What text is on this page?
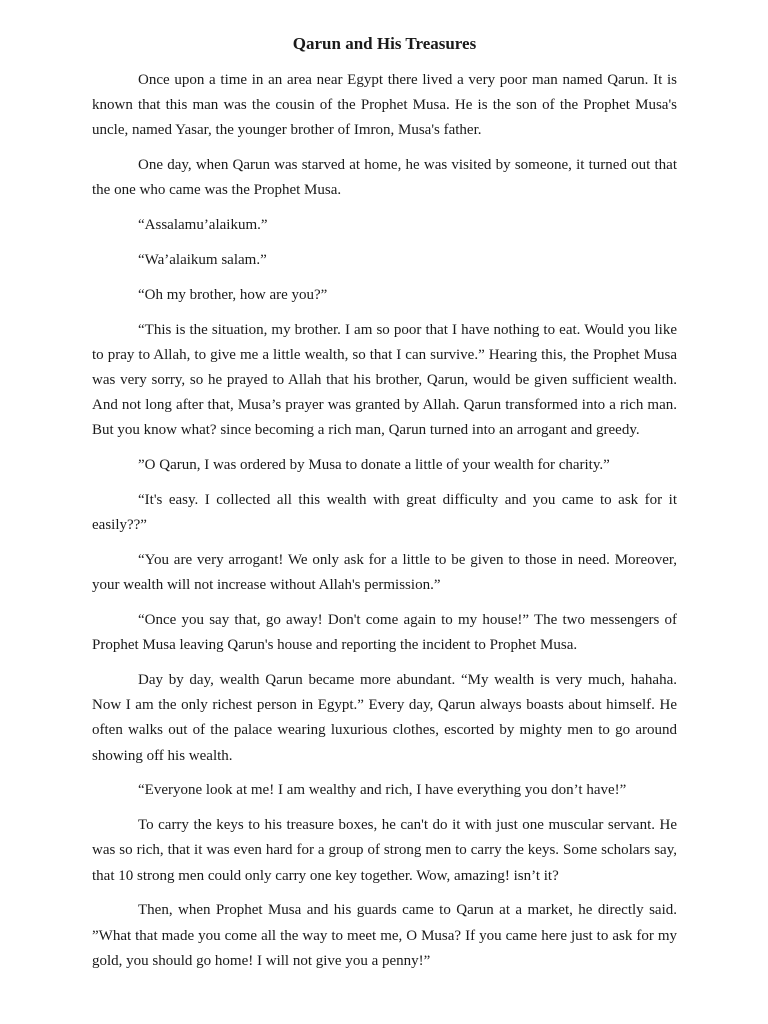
Qarun and His Treasures

Once upon a time in an area near Egypt there lived a very poor man named Qarun. It is known that this man was the cousin of the Prophet Musa. He is the son of the Prophet Musa's uncle, named Yasar, the younger brother of Imron, Musa's father.

One day, when Qarun was starved at home, he was visited by someone, it turned out that the one who came was the Prophet Musa.

“Assalamu’alaikum.”

“Wa’alaikum salam.”

“Oh my brother, how are you?”

“This is the situation, my brother. I am so poor that I have nothing to eat. Would you like to pray to Allah, to give me a little wealth, so that I can survive.” Hearing this, the Prophet Musa was very sorry, so he prayed to Allah that his brother, Qarun, would be given sufficient wealth. And not long after that, Musa’s prayer was granted by Allah. Qarun transformed into a rich man. But you know what? since becoming a rich man, Qarun turned into an arrogant and greedy.

”O Qarun, I was ordered by Musa to donate a little of your wealth for charity.”

“It's easy. I collected all this wealth with great difficulty and you came to ask for it easily??”

“You are very arrogant! We only ask for a little to be given to those in need. Moreover, your wealth will not increase without Allah's permission.”

“Once you say that, go away! Don't come again to my house!” The two messengers of Prophet Musa leaving Qarun's house and reporting the incident to Prophet Musa.

Day by day, wealth Qarun became more abundant. “My wealth is very much, hahaha. Now I am the only richest person in Egypt.” Every day, Qarun always boasts about himself. He often walks out of the palace wearing luxurious clothes, escorted by mighty men to go around showing off his wealth.

“Everyone look at me! I am wealthy and rich, I have everything you don’t have!”

To carry the keys to his treasure boxes, he can't do it with just one muscular servant. He was so rich, that it was even hard for a group of strong men to carry the keys. Some scholars say, that 10 strong men could only carry one key together. Wow, amazing! isn’t it?

Then, when Prophet Musa and his guards came to Qarun at a market, he directly said. ”What that made you come all the way to meet me, O Musa? If you came here just to ask for my gold, you should go home! I will not give you a penny!”
